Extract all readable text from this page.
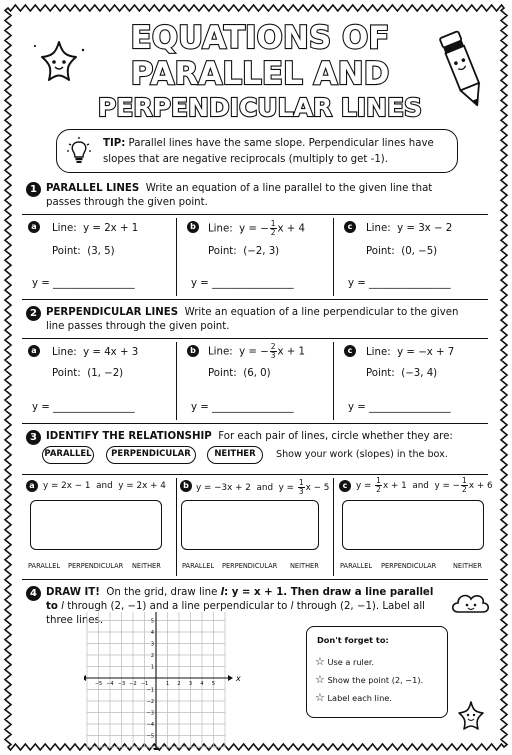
EQUATIONS OF
PARALLEL AND
PERPENDICULAR LINES
TIP: Parallel lines have the same slope. Perpendicular lines have slopes that are negative reciprocals (multiply to get -1).
1 PARALLEL LINES Write an equation of a line parallel to the given line that passes through the given point.
a	Line: y = 2x + 1
Point: (3, 5)
y = ________________
b	Line: y = − $\frac{1}{2}$ x + 4
Point: (−2, 3)
y = ________________
c	Line: y = 3x − 2
Point: (0, −5)
y = ________________
2 PERPENDICULAR LINES Write an equation of a line perpendicular to the given line passes through the given point.
a	Line: y = 4x + 3
Point: (1, −2)
y = ________________
b	Line: y = − $\frac{2}{3}$ x + 1
Point: (6, 0)
y = ________________
c	Line: y = −x + 7
Point: (−3, 4)
y = ________________
3 IDENTIFY THE RELATIONSHIP For each pair of lines, circle whether they are:
PARALLEL	PERPENDICULAR	NEITHER	Show your work (slopes) in the box.
a y = 2x − 1 and y = 2x + 4
PARALLEL PERPENDICULAR NEITHER
b y = −3x + 2 and $y = \frac{1}{3}$ x − 5
PARALLEL PERPENDICULAR NEITHER
c $y = \frac{1}{2}$ x + 1 and y = − $\frac{1}{2}$ x + 6
PARALLEL PERPENDICULAR	NEITHER
4 DRAW IT! On the grid, draw line l: y = x + 1. Then draw a line parallel to l through (2, −1) and a line perpendicular to l through (2, −1). Label all three lines.
x
−5 −4 −3 −2 −1	1 2 3 4 5
−5
−4
−3
−2
−1
1
2
3
4
5
Don't forget to:
☆ Use a ruler.
☆ Show the point (2, −1).
☆ Label each line.
